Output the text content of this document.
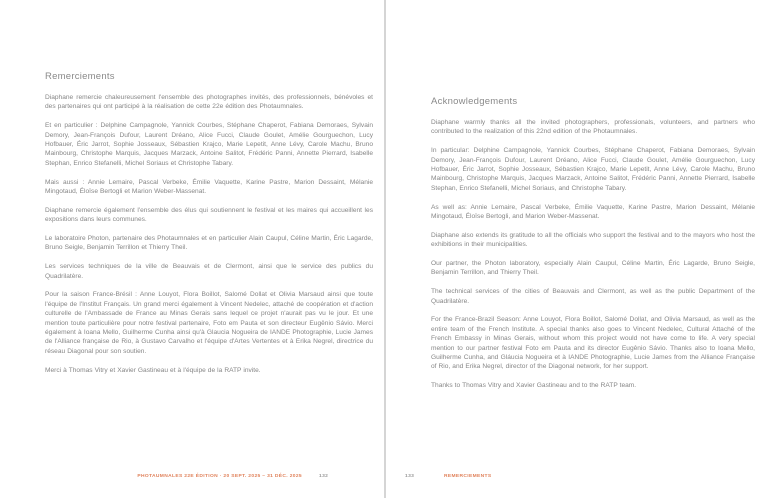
Remerciements

Diaphane remercie chaleureusement l'ensemble des photographes invités, des professionnels, bénévoles et des partenaires qui ont participé à la réalisation de cette 22e édition des Photaumnales.

Et en particulier : Delphine Campagnole, Yannick Courbes, Stéphane Chaperot, Fabiana Demoraes, Sylvain Demory, Jean-François Dufour, Laurent Dréano, Alice Fucci, Claude Goulet, Amélie Gourguechon, Lucy Hofbauer, Éric Jarrot, Sophie Josseaux, Sébastien Krajco, Marie Lepetit, Anne Lévy, Carole Machu, Bruno Mainbourg, Christophe Marquis, Jacques Marzack, Antoine Salitot, Frédéric Panni, Annette Pierrard, Isabelle Stephan, Enrico Stefanelli, Michel Soriaus et Christophe Tabary.

Mais aussi : Annie Lemaire, Pascal Verbeke, Émilie Vaquette, Karine Pastre, Marion Dessaint, Mélanie Mingotaud, Éloïse Bertogli et Marion Weber-Massenat.

Diaphane remercie également l'ensemble des élus qui soutiennent le festival et les maires qui accueillent les expositions dans leurs communes.

Le laboratoire Photon, partenaire des Photaumnales et en particulier Alain Caupul, Céline Martin, Éric Lagarde, Bruno Seigle, Benjamin Terrillon et Thierry Theil.

Les services techniques de la ville de Beauvais et de Clermont, ainsi que le service des publics du Quadrilatère.

Pour la saison France-Brésil : Anne Louyot, Flora Boillot, Salomé Dollat et Olivia Marsaud ainsi que toute l'équipe de l'Institut Français. Un grand merci également à Vincent Nedelec, attaché de coopération et d'action culturelle de l'Ambassade de France au Minas Gerais sans lequel ce projet n'aurait pas vu le jour. Et une mention toute particulière pour notre festival partenaire, Foto em Pauta et son directeur Eugênio Sávio. Merci également à Ioana Mello, Guilherme Cunha ainsi qu'à Glaucia Nogueira de IANDE Photographie, Lucie James de l'Alliance française de Rio, à Gustavo Carvalho et l'équipe d'Artes Vertentes et à Erika Negrel, directrice du réseau Diagonal pour son soutien.

Merci à Thomas Vitry et Xavier Gastineau et à l'équipe de la RATP invite.

Acknowledgements

Diaphane warmly thanks all the invited photographers, professionals, volunteers, and partners who contributed to the realization of this 22nd edition of the Photaumnales.

In particular: Delphine Campagnole, Yannick Courbes, Stéphane Chaperot, Fabiana Demoraes, Sylvain Demory, Jean-François Dufour, Laurent Dréano, Alice Fucci, Claude Goulet, Amélie Gourguechon, Lucy Hofbauer, Éric Jarrot, Sophie Josseaux, Sébastien Krajco, Marie Lepetit, Anne Lévy, Carole Machu, Bruno Mainbourg, Christophe Marquis, Jacques Marzack, Antoine Salitot, Frédéric Panni, Annette Pierrard, Isabelle Stephan, Enrico Stefanelli, Michel Soriaus, and Christophe Tabary.

As well as: Annie Lemaire, Pascal Verbeke, Émilie Vaquette, Karine Pastre, Marion Dessaint, Mélanie Mingotaud, Éloïse Bertogli, and Marion Weber-Massenat.

Diaphane also extends its gratitude to all the officials who support the festival and to the mayors who host the exhibitions in their municipalities.

Our partner, the Photon laboratory, especially Alain Caupul, Céline Martin, Éric Lagarde, Bruno Seigle, Benjamin Terrillon, and Thierry Theil.

The technical services of the cities of Beauvais and Clermont, as well as the public Department of the Quadrilatère.

For the France-Brazil Season: Anne Louyot, Flora Boillot, Salomé Dollat, and Olivia Marsaud, as well as the entire team of the French Institute. A special thanks also goes to Vincent Nedelec, Cultural Attaché of the French Embassy in Minas Gerais, without whom this project would not have come to life. A very special mention to our partner festival Foto em Pauta and its director Eugênio Sávio. Thanks also to Ioana Mello, Guilherme Cunha, and Gláucia Nogueira et à IANDE Photographie, Lucie James from the Alliance Française of Rio, and Erika Negrel, director of the Diagonal network, for her support.

Thanks to Thomas Vitry and Xavier Gastineau and to the RATP team.

PHOTAUMNALES 22E ÉDITION · 20 SEPT. 2025 – 31 DÉC. 2025	132	133	REMERCIEMENTS
